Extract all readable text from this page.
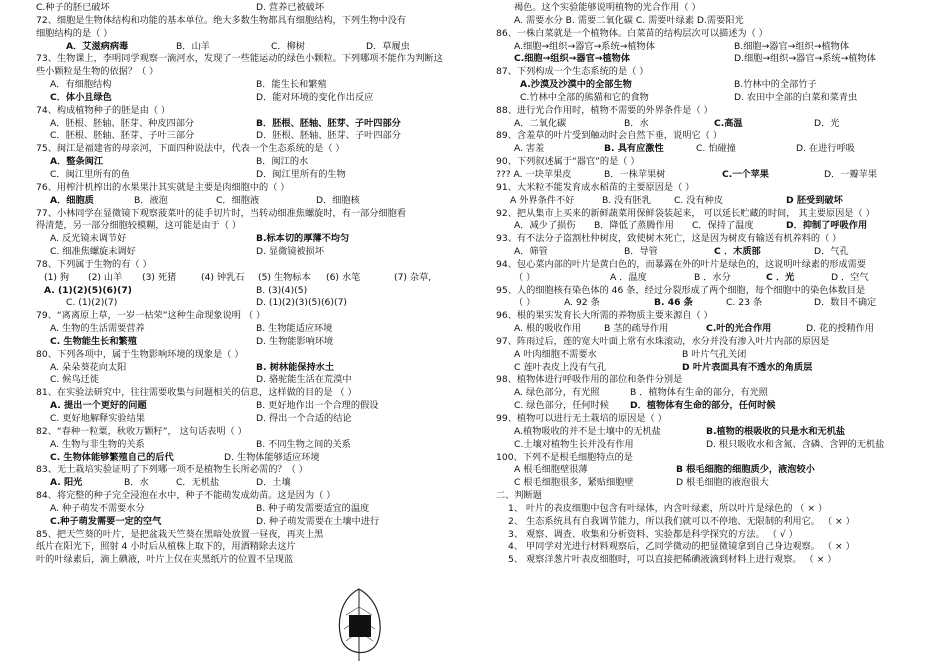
C.种子的胚已破坏	D. 营养已被破坏
72、细胞是生物体结构和功能的基本单位。绝大多数生物都具有细胞结构，下列生物中没有
细胞结构的是（ ）
A．艾滋病病毒	B．山羊	C．柳树	D．草履虫
73、生物课上，李明同学观察一滴河水，发现了一些能运动的绿色小颗粒。下列哪项不能作为判断这
些小颗粒是生物的依据？（ ）
A．有细胞结构	B．能生长和繁殖
C．体小且绿色	D．能对环境的变化作出反应
74、构成植物种子的胚是由（ ）
A．胚根、胚轴、胚芽、种皮四部分	B．胚根、胚轴、胚芽、子叶四部分
C．胚根、胚轴、胚芽、子叶三部分	D．胚根、胚轴、胚芽、子叶四部分
75、闽江是福建省的母亲河，下面四种说法中，代表一个生态系统的是（ ）
A．整条闽江	B．闽江的水
C．闽江里所有的鱼	D．闽江里所有的生物
76、用榨汁机榨出的水果果汁其实就是主要是肉细胞中的（ ）
A．细胞质	B．液泡	C．细胞液	D．细胞核
77、小林同学在显微镜下观察菠菜叶的徒手切片时，当转动细准焦螺旋时，有一部分细胞看
得清楚，另一部分细胞较模糊，这可能是由于（ ）
A. 反光镜未调节好	B.标本切的厚薄不均匀
C. 细准焦螺旋未调好	D. 显微镜被损坏
78、下列属于生物的有（ ）
(1) 狗 (2) 山羊 (3) 死猪	(4) 钟乳石 (5) 生物标本 (6) 水笔	(7) 杂草,
A. (1)(2)(5)(6)(7)	B. (3)(4)(5)
C. (1)(2)(7)	D. (1)(2)(3)(5)(6)(7)
79、“离离原上草，一岁一枯荣”这种生命现象说明 （ ）
A. 生物的生活需要营养	B. 生物能适应环境
C. 生物能生长和繁殖	D. 生物能影响环境
80、下列各项中，属于生物影响环境的现象是（ ）
A. 朵朵葵花向太阳	B. 树林能保持水土
C. 候鸟迁徙	D. 骆驼能生活在荒漠中
81、在实验法研究中，往往需要收集与问题相关的信息，这样做的目的是 （ ）
A. 提出一个更好的问题	B. 更好地作出一个合理的假设
C. 更好地解释实验结果	D. 得出一个合适的结论
82、“春种一粒粟，秋收万颗籽”， 这句话表明（ ）
A. 生物与非生物的关系	B. 不同生物之间的关系
C. 生物体能够繁殖自己的后代	D. 生物体能够适应环境
83、无土栽培实验证明了下列哪一项不是植物生长所必需的？（ ）
A. 阳光	B．水	C．无机盐	D．土壤
84、将完整的种子完全浸泡在水中，种子不能萌发成幼苗。这是因为（ ）
A. 种子萌发不需要水分	B. 种子萌发需要适宜的温度
C.种子萌发需要一定的空气	D. 种子萌发需要在土壤中进行
85、把天竺葵的叶片，是把盆栽天竺葵在黑暗处放置一昼夜，再夹上黑
纸片在阳光下，照射 4 小时后从植株上取下的，用酒精除去这片
叶的叶绿素后，滴上碘液，叶片上仅在夹黑纸片的位置不呈现蓝
褐色。这个实验能够说明植物的光合作用（ ）
A. 需要水分 B. 需要二氧化碳 C. 需要叶绿素 D.需要阳光
86、一株白菜就是一个植物体。白菜苗的结构层次可以描述为（ ）
A.细胞→组织→器官→系统→植物体	B.细胞→器官→组织→植物体
C.细胞→组织→器官→植物体	D.细胞→组织→器官→系统→植物体
87、下列构成一个生态系统的是（ ）
A.沙漠及沙漠中的全部生物	B.竹林中的全部竹子
C.竹林中全部的熊猫和它的食物	D. 农田中全部的白菜和菜青虫
88、进行光合作用时，植物不需要的外界条件是（ ）
A．二氧化碳	B．水	C.高温	D．光
89、含羞草的叶片受到触动时会自然下垂，说明它（ ）
A. 害羞	B. 具有应激性	C. 怕碰撞	D. 在进行呼吸
90、下列叙述属于“器官”的是（ ）
??? A. 一块苹果皮	B．一株苹果树	C.一个苹果	D．一瓣苹果
91、大米粒不能发育成水稻苗的主要原因是（ ）
A 外界条件不好	B. 没有胚乳	C. 没有种皮	D 胚受到破坏
92、把从集市上买来的新鲜蔬菜用保鲜袋装起来， 可以延长贮藏的时间， 其主要原因是（ ）
A．减少了损伤 B．降低了蒸腾作用 C．保持了温度	D．抑制了呼吸作用
93、有不法分子盗割杜仲树皮，致使树木死亡，这是因为树皮有输送有机养料的（ ）
A．筛管	B．导管	C ．木质部	D．气孔
94、包心菜内部的叶片是黄白色的，而暴露在外的叶片是绿色的，这说明叶绿素的形成需要
（ ）	A ．温度	B ．水分	C ．光	D ．空气
95、人的细胞核有染色体的 46 条，经过分裂形成了两个细胞，每个细胞中的染色体数目是
（ ）	A. 92 条	B. 46 条	C. 23 条	D．数目不确定
96、根的果实发育长大所需的养物质主要来源自（ ）
A. 根的吸收作用 B 茎的疏导作用	C.叶的光合作用	D. 花的授精作用
97、阵雨过后，莲的宽大叶面上常有水珠滚动，水分并没有渗入叶片内部的原因是
A 叶肉细胞不需要水	B 叶片气孔关闭
C 莲叶表皮上没有气孔	D 叶片表面具有不透水的角质层
98、植物体进行呼吸作用的部位和条件分别是
A. 绿色部分，有光照	B ．植物体有生命的部分，有光照
C. 绿色部分，任何时候 D．植物体有生命的部分，任何时候
99、植物可以进行无土栽培的原因是（ ）
A.植物吸收的并不是土壤中的无机盐	B.植物的根吸收的只是水和无机盐
C.土壤对植物生长并没有作用	D. 根只吸收水和含氮、含磷、含钾的无机盐
100、下列不是根毛细胞特点的是
A 根毛细胞壁很薄	B 根毛细胞的细胞质少，液泡较小
C 根毛细胞很多，紧贴细胞壁	D 根毛细胞的液泡很大
二、判断题
1、 叶片的表皮细胞中包含有叶绿体，内含叶绿素，所以叶片是绿色的 （ × ）
2、 生态系统具有自我调节能力，所以我们就可以不停地、无限制的利用它。 （ × ）
3、 观察、调查、收集和分析资料、实验都是科学探究的方法。 （ √ ）
4、 甲同学对光进行材料观察后，乙同学微动的把显微镜拿到自己身边观察。 （ × ）
5、 观察洋葱片叶表皮细胞时，可以直接把稀碘液滴到材料上进行观察。 （ × ）
